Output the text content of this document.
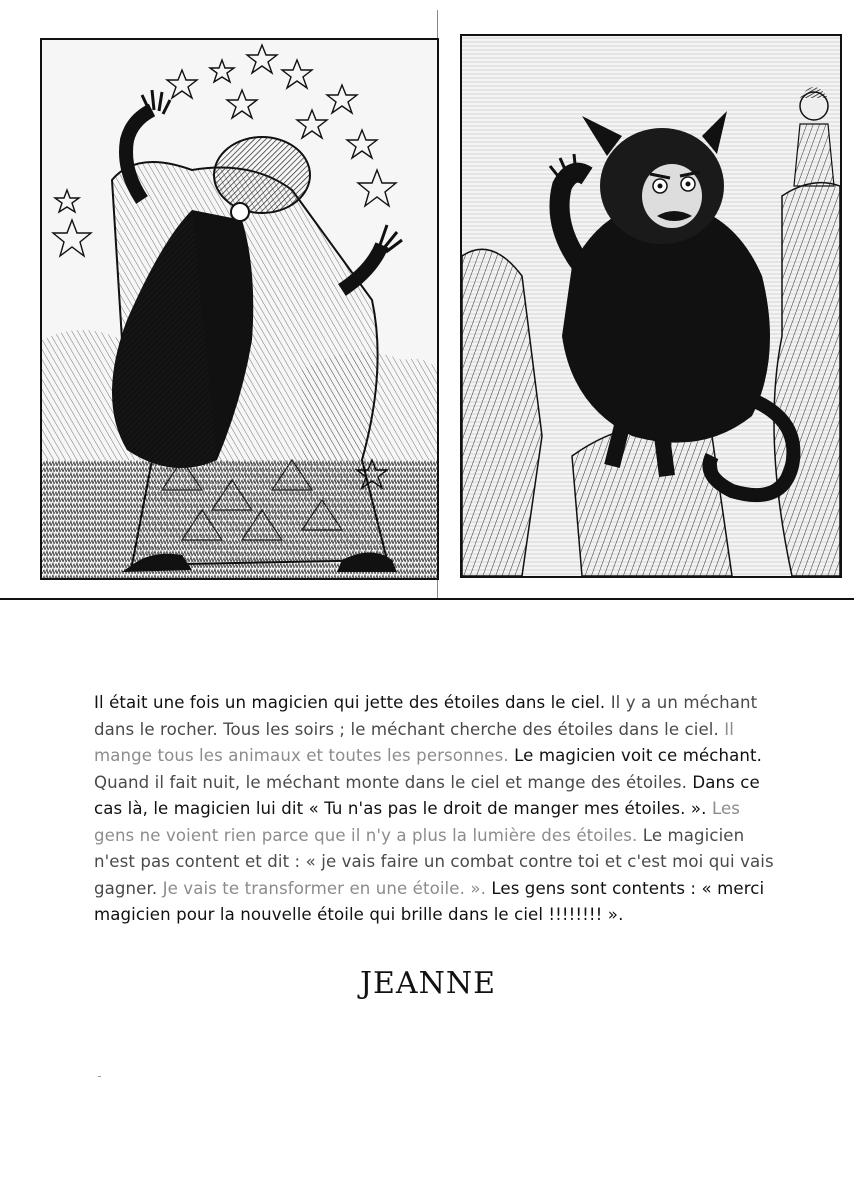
Il était une fois un magicien qui jette des étoiles dans le ciel. Il y a un méchant dans le rocher. Tous les soirs ; le méchant cherche des étoiles dans le ciel. Il mange tous les animaux et toutes les personnes. Le magicien voit ce méchant. Quand il fait nuit, le méchant monte dans le ciel et mange des étoiles. Dans ce cas là, le magicien lui dit « Tu n'as pas le droit de manger mes étoiles. ». Les gens ne voient rien parce que il n'y a plus la lumière des étoiles. Le magicien n'est pas content et dit : « je vais faire un combat contre toi et c'est moi qui vais gagner. Je vais te transformer en une étoile. ». Les gens sont contents : « merci magicien pour la nouvelle étoile qui brille dans le ciel !!!!!!!! ».
JEANNE
